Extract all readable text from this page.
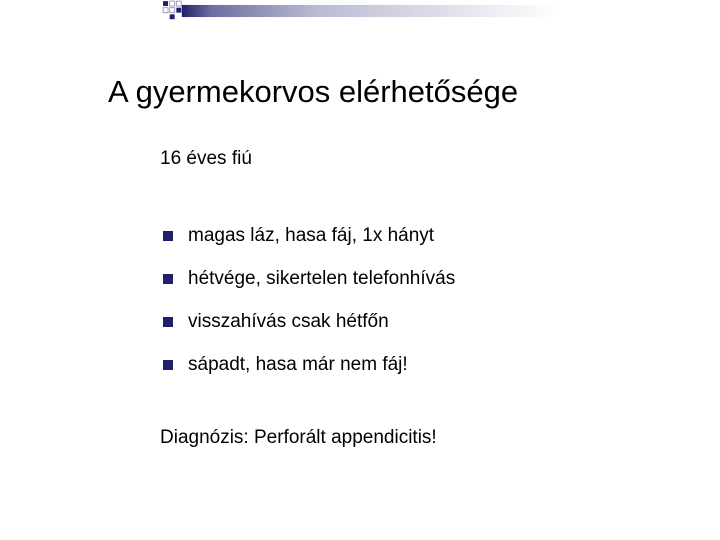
A gyermekorvos elérhetősége
16 éves fiú
magas láz, hasa fáj, 1x hányt
hétvége, sikertelen telefonhívás
visszahívás csak hétfőn
sápadt, hasa már nem fáj!
Diagnózis: Perforált appendicitis!
